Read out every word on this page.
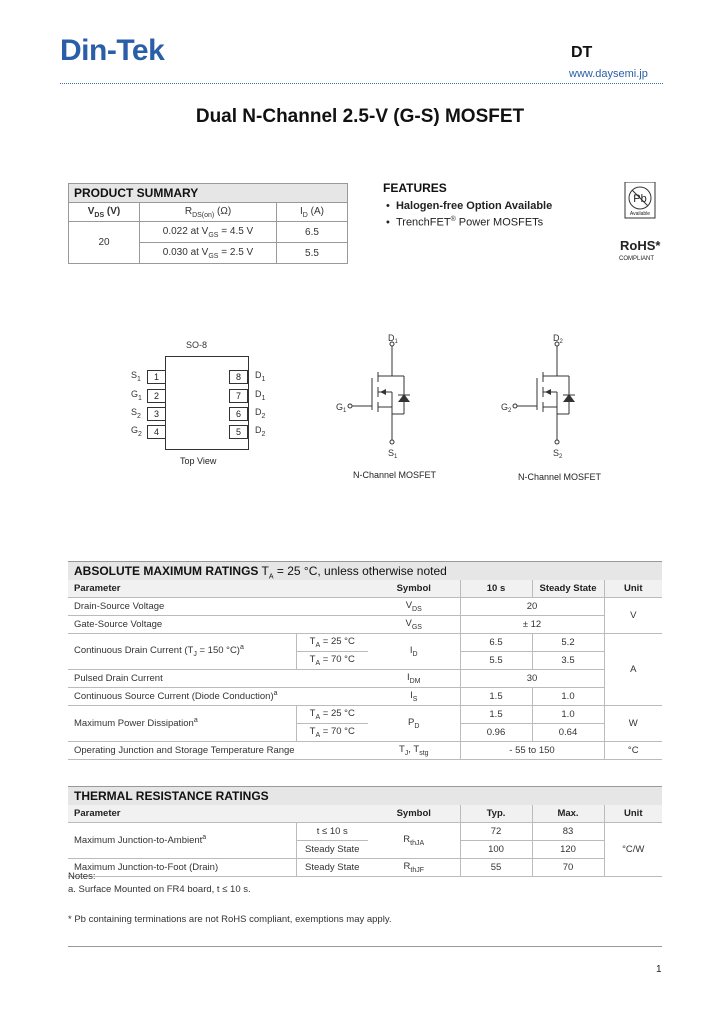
Din-Tek	DT
www.daysemi.jp
Dual N-Channel 2.5-V (G-S) MOSFET
PRODUCT SUMMARY		
$V_{DS}$ (V)	$R_{DS(on)}$ (Ω)	$I_D$ (A)
20	0.022 at $V_{GS} = 4.5$ V	6.5
	0.030 at $V_{GS} = 2.5$ V	5.5
FEATURES
•  Halogen-free Option Available
•  TrenchFET® Power MOSFETs
Pb
Available
RoHS*
COMPLIANT
SO-8
Top View
$S_1$	1
$G_1$	2
$S_2$	3
$G_2$	4
8	$D_1$
7	$D_1$
6	$D_2$
5	$D_2$
$D_1$
$G_1$
$S_1$
N-Channel MOSFET
$D_2$
$G_2$
$S_2$
N-Channel MOSFET
ABSOLUTE MAXIMUM RATINGS $T_A = 25$ °C, unless otherwise noted
Parameter		Symbol	10 s	Steady State	Unit
Drain-Source Voltage		$V_{DS}$	20		V
Gate-Source Voltage		$V_{GS}$	± 12		
Continuous Drain Current ($T_J = 150$ °C)$^a$	$T_A = 25$ °C	$I_D$	6.5	5.2	A
	$T_A = 70$ °C		5.5	3.5	
Pulsed Drain Current		$I_{DM}$	30		
Continuous Source Current (Diode Conduction)$^a$		$I_S$	1.5	1.0	
Maximum Power Dissipation$^a$	$T_A = 25$ °C	$P_D$	1.5	1.0	W
	$T_A = 70$ °C		0.96	0.64	
Operating Junction and Storage Temperature Range		$T_J$, $T_{stg}$	- 55 to 150		°C
THERMAL RESISTANCE RATINGS
Parameter		Symbol	Typ.	Max.	Unit
Maximum Junction-to-Ambient$^a$	t ≤ 10 s	$R_{thJA}$	72	83	°C/W
	Steady State		100	120	
Maximum Junction-to-Foot (Drain)	Steady State	$R_{thJF}$	55	70	
Notes:
a. Surface Mounted on FR4 board, t ≤ 10 s.
* Pb containing terminations are not RoHS compliant, exemptions may apply.
1
